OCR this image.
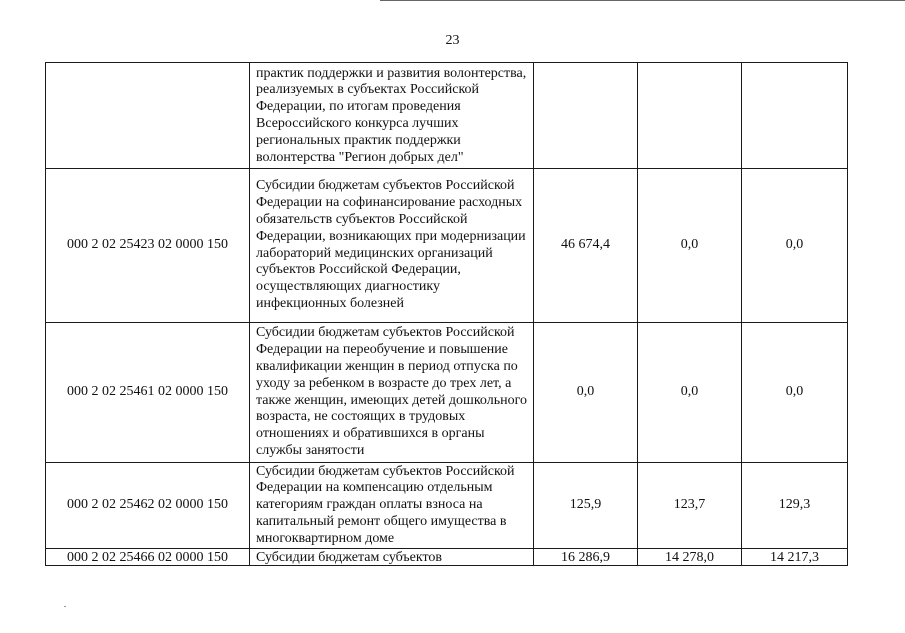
23
	практик поддержки и развития волонтерства, реализуемых в субъектах Российской Федерации, по итогам проведения Всероссийского конкурса лучших региональных практик поддержки волонтерства "Регион добрых дел"			
000 2 02 25423 02 0000 150	Субсидии бюджетам субъектов Российской Федерации на софинансирование расходных обязательств субъектов Российской Федерации, возникающих при модернизации лабораторий медицинских организаций субъектов Российской Федерации, осуществляющих диагностику инфекционных болезней	46 674,4	0,0	0,0
000 2 02 25461 02 0000 150	Субсидии бюджетам субъектов Российской Федерации на переобучение и повышение квалификации женщин в период отпуска по уходу за ребенком в возрасте до трех лет, а также женщин, имеющих детей дошкольного возраста, не состоящих в трудовых отношениях и обратившихся в органы службы занятости	0,0	0,0	0,0
000 2 02 25462 02 0000 150	Субсидии бюджетам субъектов Российской Федерации на компенсацию отдельным категориям граждан оплаты взноса на капитальный ремонт общего имущества в многоквартирном доме	125,9	123,7	129,3
000 2 02 25466 02 0000 150	Субсидии бюджетам субъектов	16 286,9	14 278,0	14 217,3
